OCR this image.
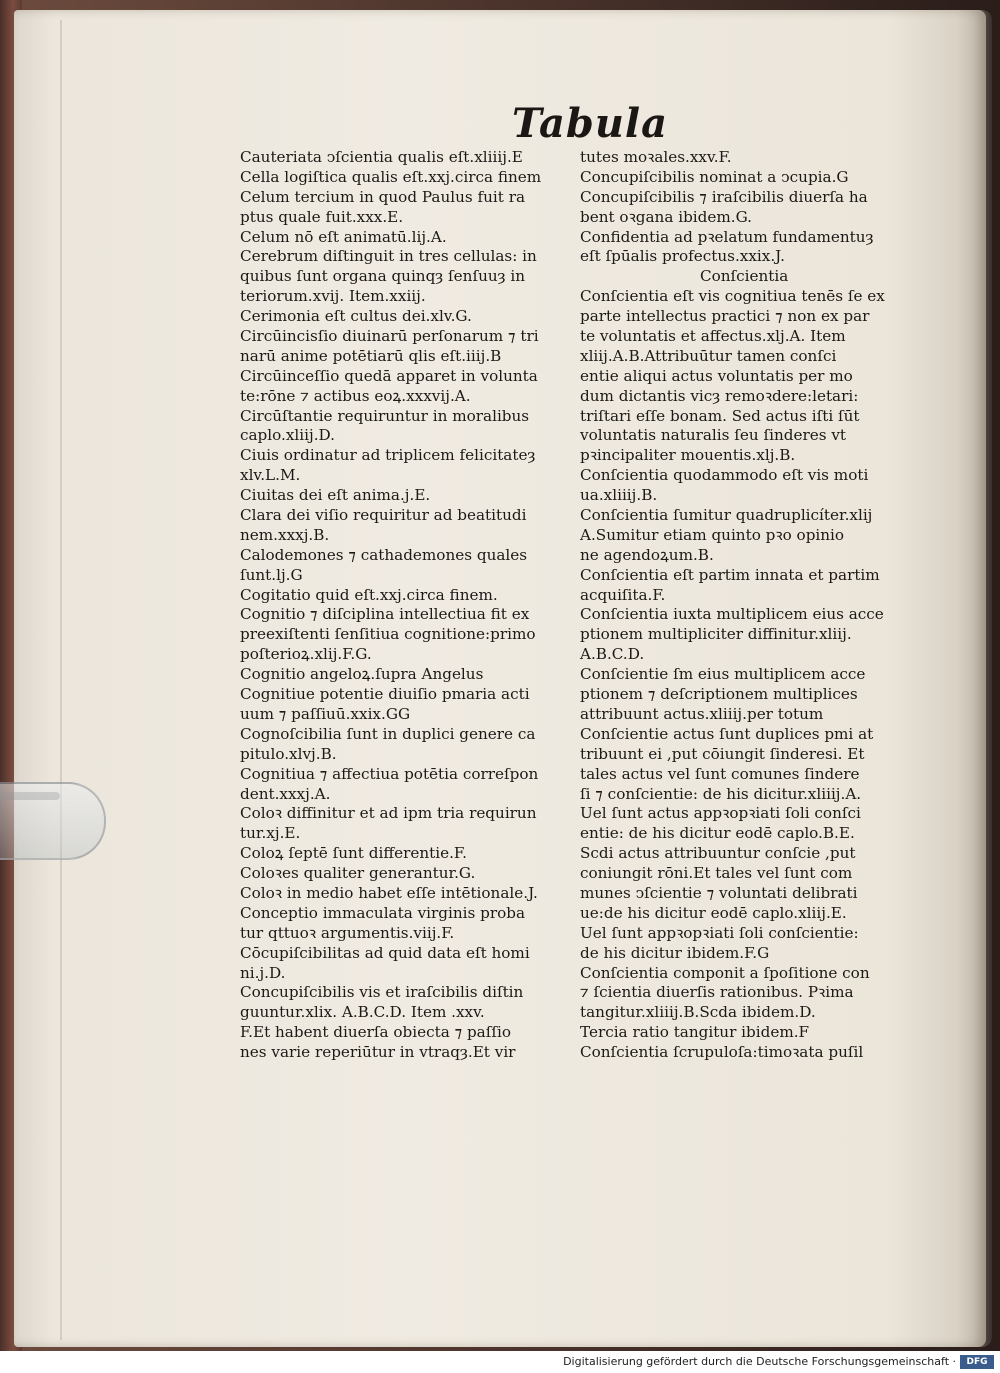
Tabula
Cauteriata ↄſcientia qualis eſt.xliiij.E
Cella logiſtica qualis eſt.xxj.circa finem
Celum tercium in quod Paulus fuit ra
ptus quale fuit.xxx.E.
Celum nō eſt animatū.lij.A.
Cerebrum diſtinguit in tres cellulas: in
quibus ſunt organa quinqȝ ſenſuuȝ in
teriorum.xvij. Item.xxiij.
Cerimonia eſt cultus dei.xlv.G.
Circūincisſio diuinarū perſonarum ⁊ tri
narū anime potētiarū qlis eſt.iiij.B
Circūinceſſio quedā apparet in volunta
te:rōne ⁊ actibus eoꝝ.xxxvij.A.
Circūſtantie requiruntur in moralibus
caplo.xliij.D.
Ciuis ordinatur ad triplicem felicitateȝ
xlv.L.M.
Ciuitas dei eſt anima.j.E.
Clara dei viſio requiritur ad beatitudi
nem.xxxj.B.
Calodemones ⁊ cathademones quales
ſunt.lj.G
Cogitatio quid eſt.xxj.circa finem.
Cognitio ⁊ diſciplina intellectiua fit ex
preexiſtenti ſenſitiua cognitione:primo
poſterioꝝ.xlij.F.G.
Cognitio angeloꝝ.ſupra Angelus
Cognitiue potentie diuiſio pmaria acti
uum ⁊ paſſiuū.xxix.GG
Cognoſcibilia ſunt in duplici genere ca
pitulo.xlvj.B.
Cognitiua ⁊ affectiua potētia correſpon
dent.xxxj.A.
Coloꝛ diffinitur et ad ipm tria requirun
tur.xj.E.
Coloꝝ ſeptē ſunt differentie.F.
Coloꝛes qualiter generantur.G.
Coloꝛ in medio habet eſſe intētionale.J.
Conceptio immaculata virginis proba
tur qttuoꝛ argumentis.viij.F.
Cōcupiſcibilitas ad quid data eſt homi
ni.j.D.
Concupiſcibilis vis et iraſcibilis diſtin
guuntur.xlix. A.B.C.D. Item .xxv.
F.Et habent diuerſa obiecta ⁊ paſſio
nes varie reperiūtur in vtraqȝ.Et vir
tutes moꝛales.xxv.F.
Concupiſcibilis nominat a ↄcupia.G
Concupiſcibilis ⁊ iraſcibilis diuerſa ha
bent oꝛgana ibidem.G.
Confidentia ad pꝛelatum fundamentuȝ
eſt ſpūalis profectus.xxix.J.
Conſcientia
Conſcientia eſt vis cognitiua tenēs ſe ex
parte intellectus practici ⁊ non ex par
te voluntatis et affectus.xlj.A. Item
xliij.A.B.Attribuūtur tamen conſci
entie aliqui actus voluntatis per mo
dum dictantis vicȝ remoꝛdere:letari:
triſtari eſſe bonam. Sed actus iſti ſūt
voluntatis naturalis ſeu ſinderes vt
pꝛincipaliter mouentis.xlj.B.
Conſcientia quodammodo eſt vis moti
ua.xliiij.B.
Conſcientia ſumitur quadruplicíter.xlij
A.Sumitur etiam quinto pꝛo opinio
ne agendoꝝum.B.
Conſcientia eſt partim innata et partim
acquiſita.F.
Conſcientia iuxta multiplicem eius acce
ptionem multipliciter diffinitur.xliij.
A.B.C.D.
Conſcientie ſm eius multiplicem acce
ptionem ⁊ deſcriptionem multiplices
attribuunt actus.xliiij.per totum
Conſcientie actus ſunt duplices pmi at
tribuunt ei ,put cōiungit ſinderesi. Et
tales actus vel ſunt comunes ſindere
ſi ⁊ conſcientie: de his dicitur.xliiij.A.
Uel ſunt actus appꝛopꝛiati ſoli conſci
entie: de his dicitur eodē caplo.B.E.
Scdi actus attribuuntur conſcie ,put
coniungit rōni.Et tales vel ſunt com
munes ↄſcientie ⁊ voluntati delibrati
ue:de his dicitur eodē caplo.xliij.E.
Uel ſunt appꝛopꝛiati ſoli conſcientie:
de his dicitur ibidem.F.G
Conſcientia componit a ſpoſitione con
⁊ ſcientia diuerſis rationibus. Pꝛima
tangitur.xliiij.B.Scda ibidem.D.
Tercia ratio tangitur ibidem.F
Conſcientia ſcrupuloſa:timoꝛata puſil
Digitalisierung gefördert durch die Deutsche Forschungsgemeinschaft ·	DFG
